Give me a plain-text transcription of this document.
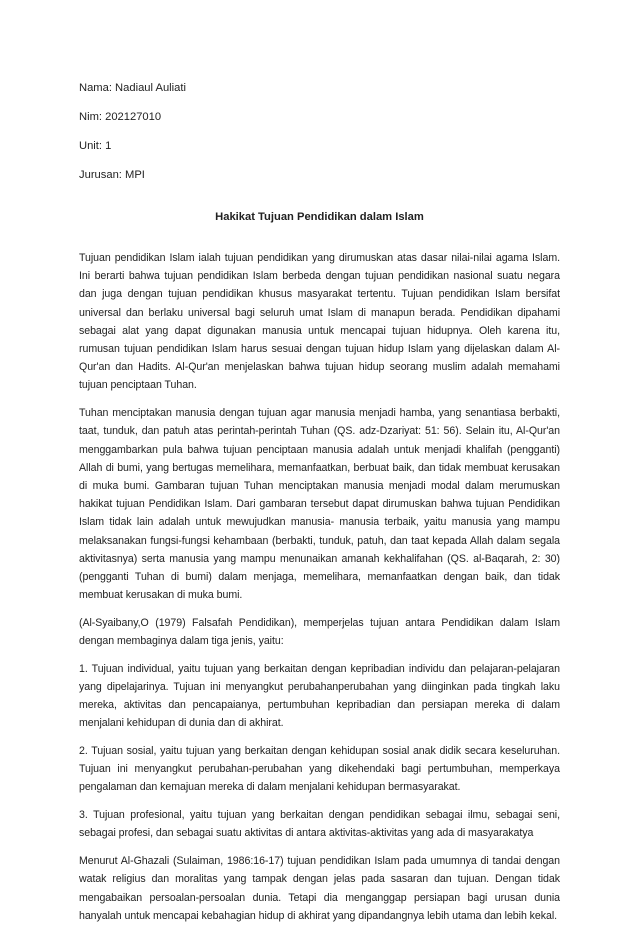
Nama: Nadiaul Auliati
Nim: 202127010
Unit: 1
Jurusan: MPI
Hakikat Tujuan Pendidikan dalam Islam

Tujuan pendidikan Islam ialah tujuan pendidikan yang dirumuskan atas dasar nilai-nilai agama Islam. Ini berarti bahwa tujuan pendidikan Islam berbeda dengan tujuan pendidikan nasional suatu negara dan juga dengan tujuan pendidikan khusus masyarakat tertentu. Tujuan pendidikan Islam bersifat universal dan berlaku universal bagi seluruh umat Islam di manapun berada. Pendidikan dipahami sebagai alat yang dapat digunakan manusia untuk mencapai tujuan hidupnya. Oleh karena itu, rumusan tujuan pendidikan Islam harus sesuai dengan tujuan hidup Islam yang dijelaskan dalam Al-Qur'an dan Hadits. Al-Qur'an menjelaskan bahwa tujuan hidup seorang muslim adalah memahami tujuan penciptaan Tuhan.

Tuhan menciptakan manusia dengan tujuan agar manusia menjadi hamba, yang senantiasa berbakti, taat, tunduk, dan patuh atas perintah-perintah Tuhan (QS. adz-Dzariyat: 51: 56). Selain itu, Al-Qur'an menggambarkan pula bahwa tujuan penciptaan manusia adalah untuk menjadi khalifah (pengganti) Allah di bumi, yang bertugas memelihara, memanfaatkan, berbuat baik, dan tidak membuat kerusakan di muka bumi. Gambaran tujuan Tuhan menciptakan manusia menjadi modal dalam merumuskan hakikat tujuan Pendidikan Islam. Dari gambaran tersebut dapat dirumuskan bahwa tujuan Pendidikan Islam tidak lain adalah untuk mewujudkan manusia- manusia terbaik, yaitu manusia yang mampu melaksanakan fungsi-fungsi kehambaan (berbakti, tunduk, patuh, dan taat kepada Allah dalam segala aktivitasnya) serta manusia yang mampu menunaikan amanah kekhalifahan (QS. al-Baqarah, 2: 30) (pengganti Tuhan di bumi) dalam menjaga, memelihara, memanfaatkan dengan baik, dan tidak membuat kerusakan di muka bumi.

(Al-Syaibany,O (1979) Falsafah Pendidikan), memperjelas tujuan antara Pendidikan dalam Islam dengan membaginya dalam tiga jenis, yaitu:

1. Tujuan individual, yaitu tujuan yang berkaitan dengan kepribadian individu dan pelajaran-pelajaran yang dipelajarinya. Tujuan ini menyangkut perubahanperubahan yang diinginkan pada tingkah laku mereka, aktivitas dan pencapaianya, pertumbuhan kepribadian dan persiapan mereka di dalam menjalani kehidupan di dunia dan di akhirat.

2. Tujuan sosial, yaitu tujuan yang berkaitan dengan kehidupan sosial anak didik secara keseluruhan. Tujuan ini menyangkut perubahan-perubahan yang dikehendaki bagi pertumbuhan, memperkaya pengalaman dan kemajuan mereka di dalam menjalani kehidupan bermasyarakat.

3. Tujuan profesional, yaitu tujuan yang berkaitan dengan pendidikan sebagai ilmu, sebagai seni, sebagai profesi, dan sebagai suatu aktivitas di antara aktivitas-aktivitas yang ada di masyarakatya

Menurut Al-Ghazali (Sulaiman, 1986:16-17) tujuan pendidikan Islam pada umumnya di tandai dengan watak religius dan moralitas yang tampak dengan jelas pada sasaran dan tujuan. Dengan tidak mengabaikan persoalan-persoalan dunia. Tetapi dia menganggap persiapan bagi urusan dunia hanyalah untuk mencapai kebahagian hidup di akhirat yang dipandangnya lebih utama dan lebih kekal.
